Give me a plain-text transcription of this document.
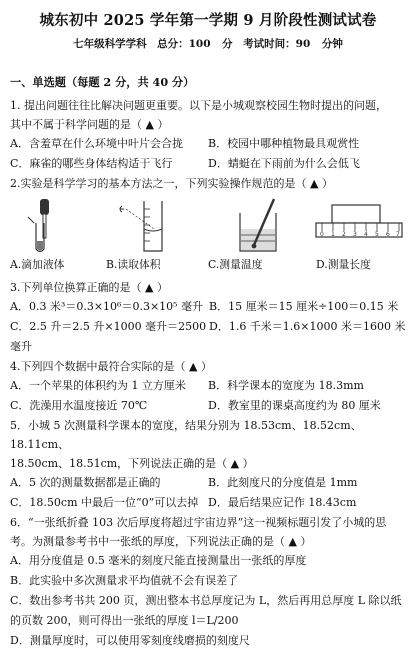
城东初中 2025 学年第一学期 9 月阶段性测试试卷
七年级科学学科　总分：100 分　考试时间：90 分钟
一、单选题（每题 2 分，共 40 分）
1. 提出问题往往比解决问题更重要。以下是小城观察校园生物时提出的问题，
其中不属于科学问题的是（ ▲ ）
A．含羞草在什么环境中叶片会合拢	B．校园中哪种植物最具观赏性
C．麻雀的哪些身体结构适于飞行	D．蜻蜓在下雨前为什么会低飞
2.实验是科学学习的基本方法之一，下列实验操作规范的是（ ▲ ）
0 1 2 3 4 5 6 7
A.滴加液体	B.读取体积	C.测量温度	D.测量长度
3.下列单位换算正确的是（ ▲ ）
A．0.3 米³＝0.3×10⁶＝0.3×10⁵ 毫升 B．15 厘米＝15 厘米÷100＝0.15 米
C．2.5 升＝2.5 升×1000 毫升＝2500 毫升
D．1.6 千米＝1.6×1000 米＝1600 米
4.下列四个数据中最符合实际的是（ ▲ ）
A．一个苹果的体积约为 1 立方厘米	B．科学课本的宽度为 18.3mm
C．洗澡用水温度接近 70℃	D．教室里的课桌高度约为 80 厘米
5．小城 5 次测量科学课本的宽度，结果分别为 18.53cm、18.52cm、18.11cm、
18.50cm、18.51cm，下列说法正确的是（ ▲ ）
A．5 次的测量数据都是正确的	B．此刻度尺的分度值是 1mm
C．18.50cm 中最后一位“0”可以去掉 D．最后结果应记作 18.43cm
6．“一张纸折叠 103 次后厚度将超过宇宙边界”这一视频标题引发了小城的思
考。为测量参考书中一张纸的厚度，下列说法正确的是（ ▲ ）
A．用分度值是 0.5 毫米的刻度尺能直接测量出一张纸的厚度
B．此实验中多次测量求平均值就不会有误差了
C．数出参考书共 200 页，测出整本书总厚度记为 L，然后再用总厚度 L 除以纸
的页数 200，则可得出一张纸的厚度 l＝L/200
D．测量厚度时，可以使用零刻度线磨损的刻度尺
